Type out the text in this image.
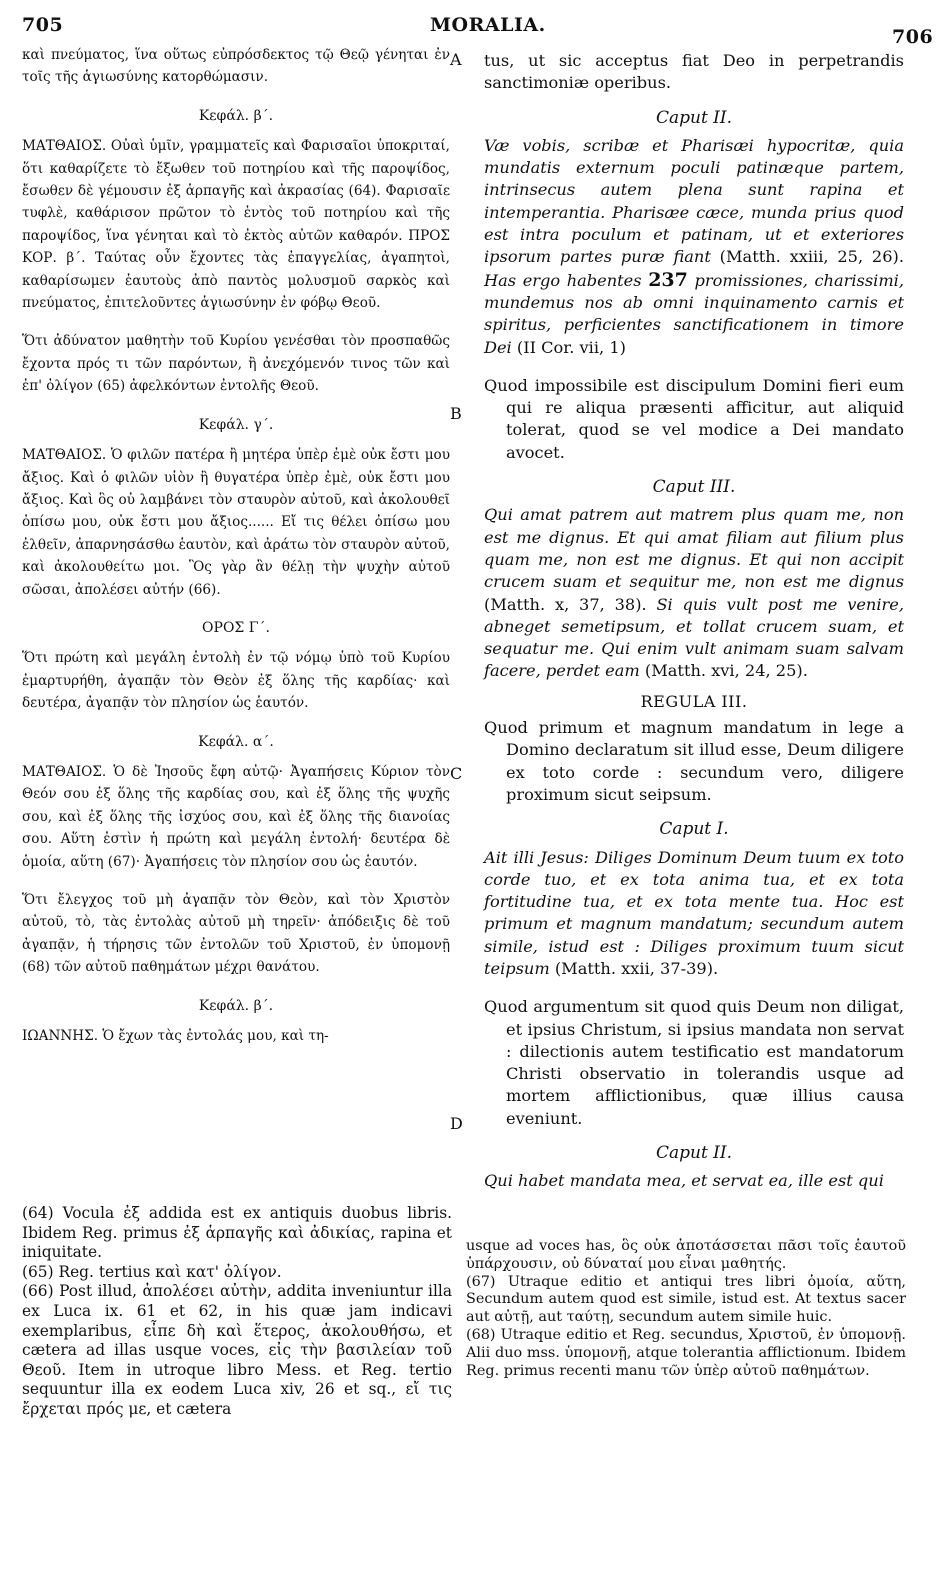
705	MORALIA.
706
A
B
C
D

καὶ πνεύματος, ἵνα οὕτως εὐπρόσδεκτος τῷ Θεῷ γένηται ἐν τοῖς τῆς ἁγιωσύνης κατορθώμασιν.

Κεφάλ. β΄.

ΜΑΤΘΑΙΟΣ. Οὐαὶ ὑμῖν, γραμματεῖς καὶ Φαρισαῖοι ὑποκριταί, ὅτι καθαρίζετε τὸ ἔξωθεν τοῦ ποτηρίου καὶ τῆς παροψίδος, ἔσωθεν δὲ γέμουσιν ἐξ ἁρπαγῆς καὶ ἀκρασίας (64). Φαρισαῖε τυφλὲ, καθάρισον πρῶτον τὸ ἐντὸς τοῦ ποτηρίου καὶ τῆς παροψίδος, ἵνα γένηται καὶ τὸ ἐκτὸς αὐτῶν καθαρόν. ΠΡΟΣ ΚΟΡ. β΄. Ταύτας οὖν ἔχοντες τὰς ἐπαγγελίας, ἀγαπητοὶ, καθαρίσωμεν ἑαυτοὺς ἀπὸ παντὸς μολυσμοῦ σαρκὸς καὶ πνεύματος, ἐπιτελοῦντες ἁγιωσύνην ἐν φόβῳ Θεοῦ.

Ὅτι ἀδύνατον μαθητὴν τοῦ Κυρίου γενέσθαι τὸν προσπαθῶς ἔχοντα πρός τι τῶν παρόντων, ἢ ἀνεχόμενόν τινος τῶν καὶ ἐπ' ὀλίγον (65) ἀφελκόντων ἐντολῆς Θεοῦ.

Κεφάλ. γ΄.

ΜΑΤΘΑΙΟΣ. Ὁ φιλῶν πατέρα ἢ μητέρα ὑπὲρ ἐμὲ οὐκ ἔστι μου ἄξιος. Καὶ ὁ φιλῶν υἱὸν ἢ θυγατέρα ὑπὲρ ἐμὲ, οὐκ ἔστι μου ἄξιος. Καὶ ὃς οὐ λαμβάνει τὸν σταυρὸν αὐτοῦ, καὶ ἀκολουθεῖ ὀπίσω μου, οὐκ ἔστι μου ἄξιος...... Εἴ τις θέλει ὀπίσω μου ἐλθεῖν, ἀπαρνησάσθω ἑαυτὸν, καὶ ἀράτω τὸν σταυρὸν αὐτοῦ, καὶ ἀκολουθείτω μοι. Ὃς γὰρ ἂν θέλῃ τὴν ψυχὴν αὐτοῦ σῶσαι, ἀπολέσει αὐτήν (66).

ΟΡΟΣ Γ΄.

Ὅτι πρώτη καὶ μεγάλη ἐντολὴ ἐν τῷ νόμῳ ὑπὸ τοῦ Κυρίου ἐμαρτυρήθη, ἀγαπᾷν τὸν Θεὸν ἐξ ὅλης τῆς καρδίας· καὶ δευτέρα, ἀγαπᾷν τὸν πλησίον ὡς ἑαυτόν.

Κεφάλ. α΄.

ΜΑΤΘΑΙΟΣ. Ὁ δὲ Ἰησοῦς ἔφη αὐτῷ· Ἀγαπήσεις Κύριον τὸν Θεόν σου ἐξ ὅλης τῆς καρδίας σου, καὶ ἐξ ὅλης τῆς ψυχῆς σου, καὶ ἐξ ὅλης τῆς ἰσχύος σου, καὶ ἐξ ὅλης τῆς διανοίας σου. Αὕτη ἐστὶν ἡ πρώτη καὶ μεγάλη ἐντολή· δευτέρα δὲ ὁμοία, αὕτη (67)· Ἀγαπήσεις τὸν πλησίον σου ὡς ἑαυτόν.

Ὅτι ἔλεγχος τοῦ μὴ ἀγαπᾷν τὸν Θεὸν, καὶ τὸν Χριστὸν αὐτοῦ, τὸ, τὰς ἐντολὰς αὐτοῦ μὴ τηρεῖν· ἀπόδειξις δὲ τοῦ ἀγαπᾷν, ἡ τήρησις τῶν ἐντολῶν τοῦ Χριστοῦ, ἐν ὑπομονῇ (68) τῶν αὐτοῦ παθημάτων μέχρι θανάτου.

Κεφάλ. β΄.

ΙΩΑΝΝΗΣ. Ὁ ἔχων τὰς ἐντολάς μου, καὶ τη-

tus, ut sic acceptus fiat Deo in perpetrandis sanctimoniæ operibus.

Caput II.

Væ vobis, scribæ et Pharisæi hypocritæ, quia mundatis externum poculi patinæque partem, intrinsecus autem plena sunt rapina et intemperantia. Pharisæe cæce, munda prius quod est intra poculum et patinam, ut et exteriores ipsorum partes puræ fiant (Matth. xxiii, 25, 26). Has ergo habentes 237 promissiones, charissimi, mundemus nos ab omni inquinamento carnis et spiritus, perficientes sanctificationem in timore Dei (II Cor. vii, 1)

Quod impossibile est discipulum Domini fieri eum qui re aliqua præsenti afficitur, aut aliquid tolerat, quod se vel modice a Dei mandato avocet.

Caput III.

Qui amat patrem aut matrem plus quam me, non est me dignus. Et qui amat filiam aut filium plus quam me, non est me dignus. Et qui non accipit crucem suam et sequitur me, non est me dignus (Matth. x, 37, 38). Si quis vult post me venire, abneget semetipsum, et tollat crucem suam, et sequatur me. Qui enim vult animam suam salvam facere, perdet eam (Matth. xvi, 24, 25).

REGULA III.

Quod primum et magnum mandatum in lege a Domino declaratum sit illud esse, Deum diligere ex toto corde : secundum vero, diligere proximum sicut seipsum.

Caput I.

Ait illi Jesus: Diliges Dominum Deum tuum ex toto corde tuo, et ex tota anima tua, et ex tota fortitudine tua, et ex tota mente tua. Hoc est primum et magnum mandatum; secundum autem simile, istud est : Diliges proximum tuum sicut teipsum (Matth. xxii, 37-39).

Quod argumentum sit quod quis Deum non diligat, et ipsius Christum, si ipsius mandata non servat : dilectionis autem testificatio est mandatorum Christi observatio in tolerandis usque ad mortem afflictionibus, quæ illius causa eveniunt.

Caput II.

Qui habet mandata mea, et servat ea, ille est qui

(64) Vocula ἐξ addida est ex antiquis duobus libris. Ibidem Reg. primus ἐξ ἁρπαγῆς καὶ ἀδικίας, rapina et iniquitate.

(65) Reg. tertius καὶ κατ' ὀλίγον.

(66) Post illud, ἀπολέσει αὐτὴν, addita inveniuntur illa ex Luca ix. 61 et 62, in his quæ jam indicavi exemplaribus, εἶπε δὴ καὶ ἕτερος, ἀκολουθήσω, et cætera ad illas usque voces, εἰς τὴν βασιλείαν τοῦ Θεοῦ. Item in utroque libro Mess. et Reg. tertio sequuntur illa ex eodem Luca xiv, 26 et sq., εἴ τις ἔρχεται πρός με, et cætera

usque ad voces has, ὃς οὐκ ἀποτάσσεται πᾶσι τοῖς ἑαυτοῦ ὑπάρχουσιν, οὐ δύναταί μου εἶναι μαθητής.

(67) Utraque editio et antiqui tres libri ὁμοία, αὕτη, Secundum autem quod est simile, istud est. At textus sacer aut αὐτῇ, aut ταύτῃ, secundum autem simile huic.

(68) Utraque editio et Reg. secundus, Χριστοῦ, ἐν ὑπομονῇ. Alii duo mss. ὑπομονῇ, atque tolerantia afflictionum. Ibidem Reg. primus recenti manu τῶν ὑπὲρ αὐτοῦ παθημάτων.
